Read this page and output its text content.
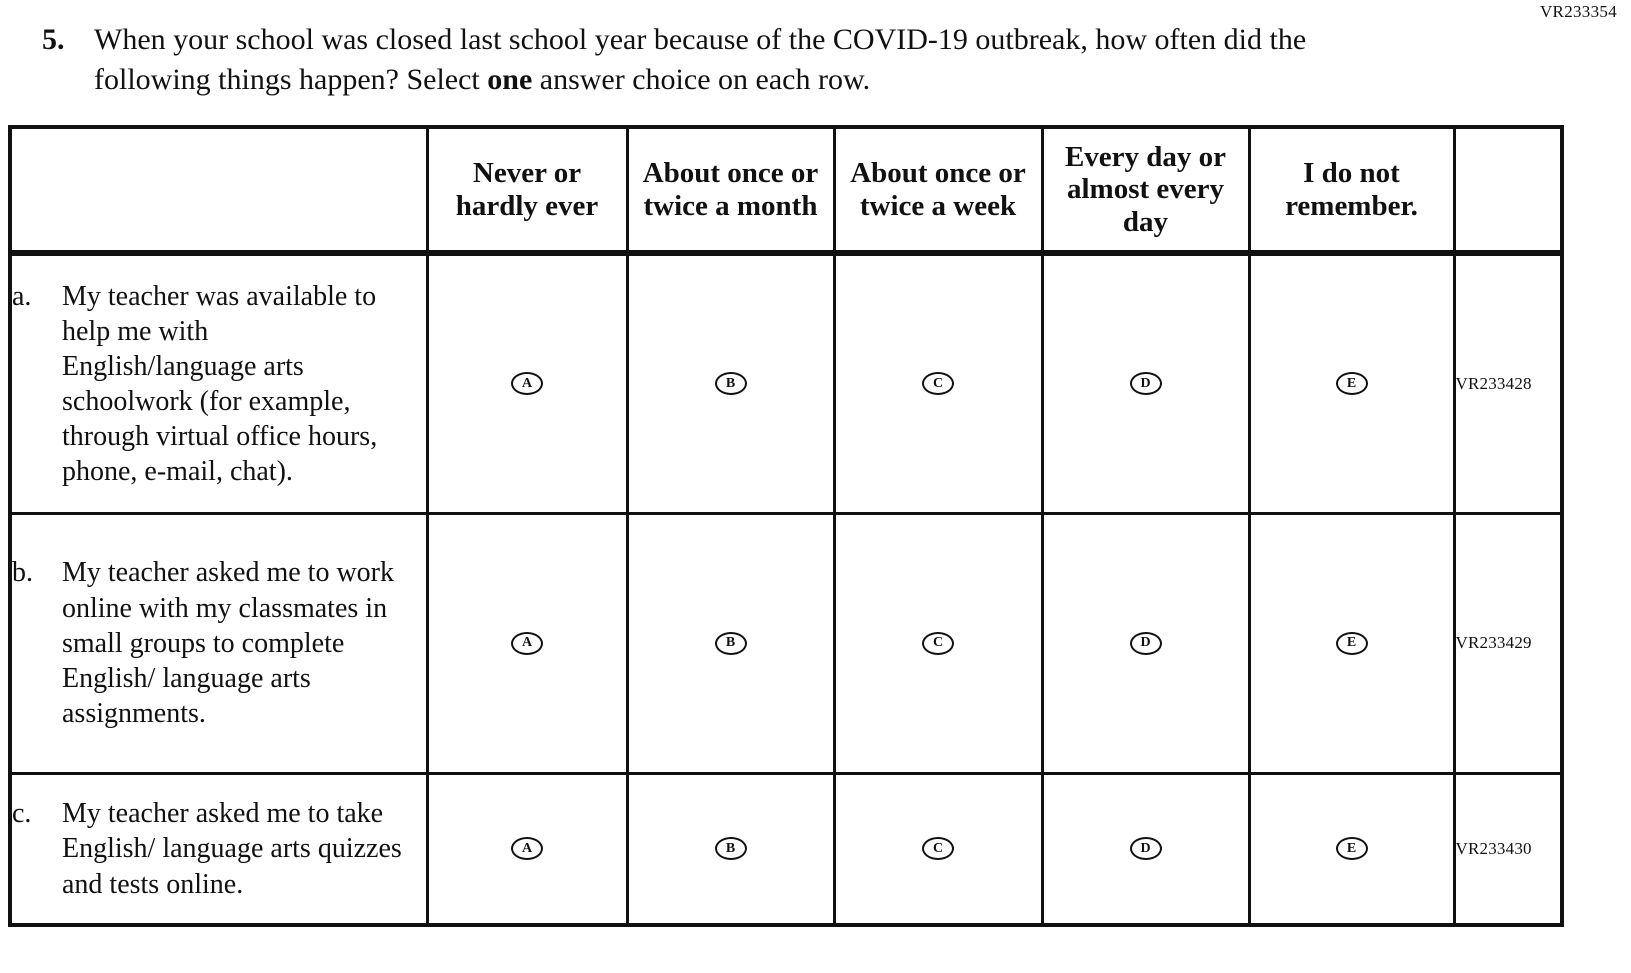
VR233354
5. When your school was closed last school year because of the COVID-19 outbreak, how often did the following things happen? Select one answer choice on each row.
	Never or hardly ever	About once or twice a month	About once or twice a week	Every day or almost every day	I do not remember.	

a. My teacher was available to help me with English/language arts schoolwork (for example, through virtual office hours, phone, e-mail, chat).	A	B	C	D	E	VR233428

b. My teacher asked me to work online with my classmates in small groups to complete English/ language arts assignments.	A	B	C	D	E	VR233429

c. My teacher asked me to take English/ language arts quizzes and tests online.	A	B	C	D	E	VR233430
